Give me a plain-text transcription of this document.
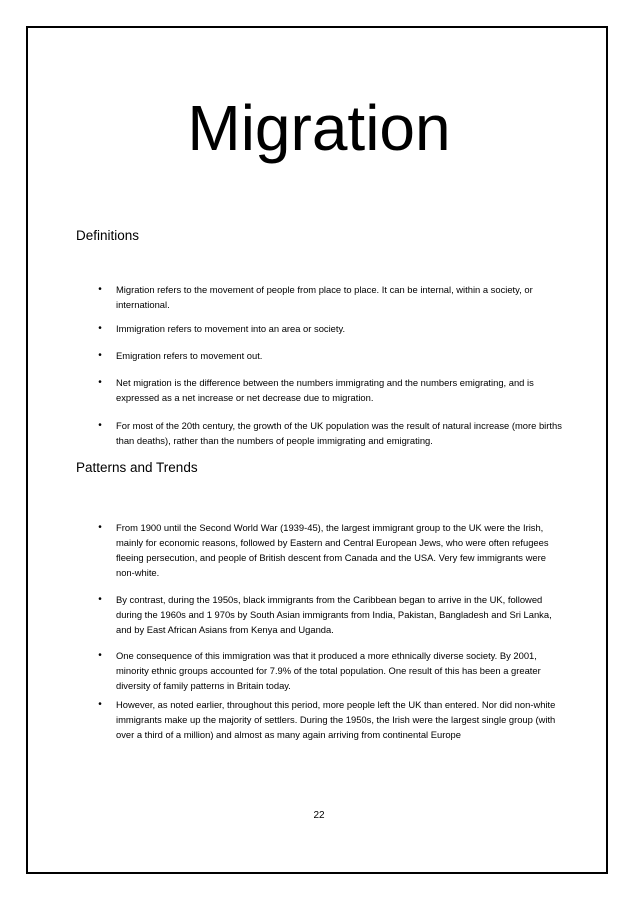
Migration
Definitions
• Migration refers to the movement of people from place to place. It can be internal, within a society, or international.
• Immigration refers to movement into an area or society.
• Emigration refers to movement out.
• Net migration is the difference between the numbers immigrating and the numbers emigrating, and is expressed as a net increase or net decrease due to migration.
• For most of the 20th century, the growth of the UK population was the result of natural increase (more births than deaths), rather than the numbers of people immigrating and emigrating.
Patterns and Trends
• From 1900 until the Second World War (1939-45), the largest immigrant group to the UK were the Irish, mainly for economic reasons, followed by Eastern and Central European Jews, who were often refugees fleeing persecution, and people of British descent from Canada and the USA. Very few immigrants were non-white.
• By contrast, during the 1950s, black immigrants from the Caribbean began to arrive in the UK, followed during the 1960s and 1 970s by South Asian immigrants from India, Pakistan, Bangladesh and Sri Lanka, and by East African Asians from Kenya and Uganda.
• One consequence of this immigration was that it produced a more ethnically diverse society. By 2001, minority ethnic groups accounted for 7.9% of the total population. One result of this has been a greater diversity of family patterns in Britain today.
• However, as noted earlier, throughout this period, more people left the UK than entered. Nor did non-white immigrants make up the majority of settlers. During the 1950s, the Irish were the largest single group (with over a third of a million) and almost as many again arriving from continental Europe
22
